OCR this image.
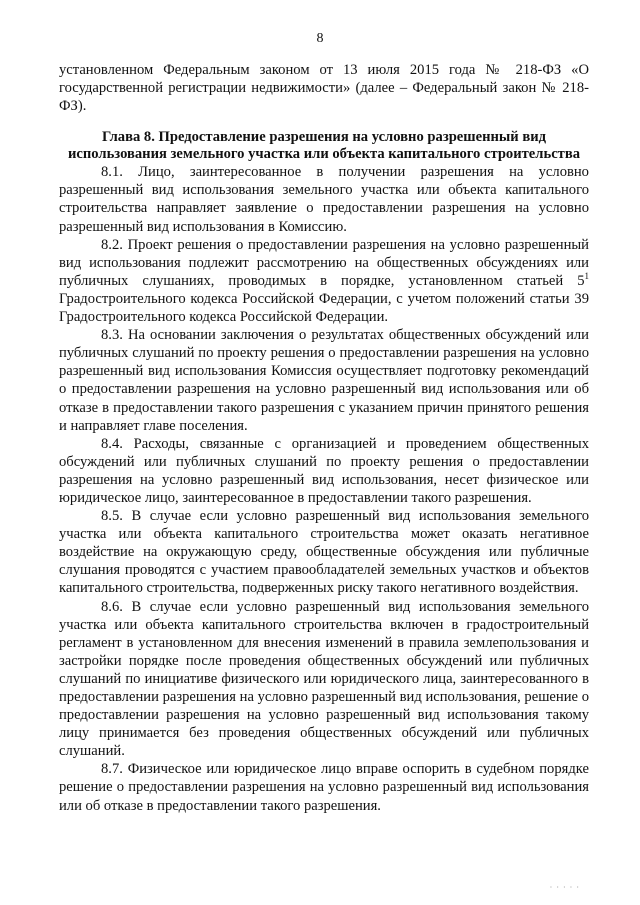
8

установленном Федеральным законом от 13 июля 2015 года № 218-ФЗ «О государственной регистрации недвижимости» (далее – Федеральный закон № 218-ФЗ).

Глава 8. Предоставление разрешения на условно разрешенный вид использования земельного участка или объекта капитального строительства

8.1. Лицо, заинтересованное в получении разрешения на условно разрешенный вид использования земельного участка или объекта капитального строительства направляет заявление о предоставлении разрешения на условно разрешенный вид использования в Комиссию.

8.2. Проект решения о предоставлении разрешения на условно разрешенный вид использования подлежит рассмотрению на общественных обсуждениях или публичных слушаниях, проводимых в порядке, установленном статьей $5^1$ Градостроительного кодекса Российской Федерации, с учетом положений статьи 39 Градостроительного кодекса Российской Федерации.

8.3. На основании заключения о результатах общественных обсуждений или публичных слушаний по проекту решения о предоставлении разрешения на условно разрешенный вид использования Комиссия осуществляет подготовку рекомендаций о предоставлении разрешения на условно разрешенный вид использования или об отказе в предоставлении такого разрешения с указанием причин принятого решения и направляет главе поселения.

8.4. Расходы, связанные с организацией и проведением общественных обсуждений или публичных слушаний по проекту решения о предоставлении разрешения на условно разрешенный вид использования, несет физическое или юридическое лицо, заинтересованное в предоставлении такого разрешения.

8.5. В случае если условно разрешенный вид использования земельного участка или объекта капитального строительства может оказать негативное воздействие на окружающую среду, общественные обсуждения или публичные слушания проводятся с участием правообладателей земельных участков и объектов капитального строительства, подверженных риску такого негативного воздействия.

8.6. В случае если условно разрешенный вид использования земельного участка или объекта капитального строительства включен в градостроительный регламент в установленном для внесения изменений в правила землепользования и застройки порядке после проведения общественных обсуждений или публичных слушаний по инициативе физического или юридического лица, заинтересованного в предоставлении разрешения на условно разрешенный вид использования, решение о предоставлении разрешения на условно разрешенный вид использования такому лицу принимается без проведения общественных обсуждений или публичных слушаний.

8.7. Физическое или юридическое лицо вправе оспорить в судебном порядке решение о предоставлении разрешения на условно разрешенный вид использования или об отказе в предоставлении такого разрешения.

· · · · ·
